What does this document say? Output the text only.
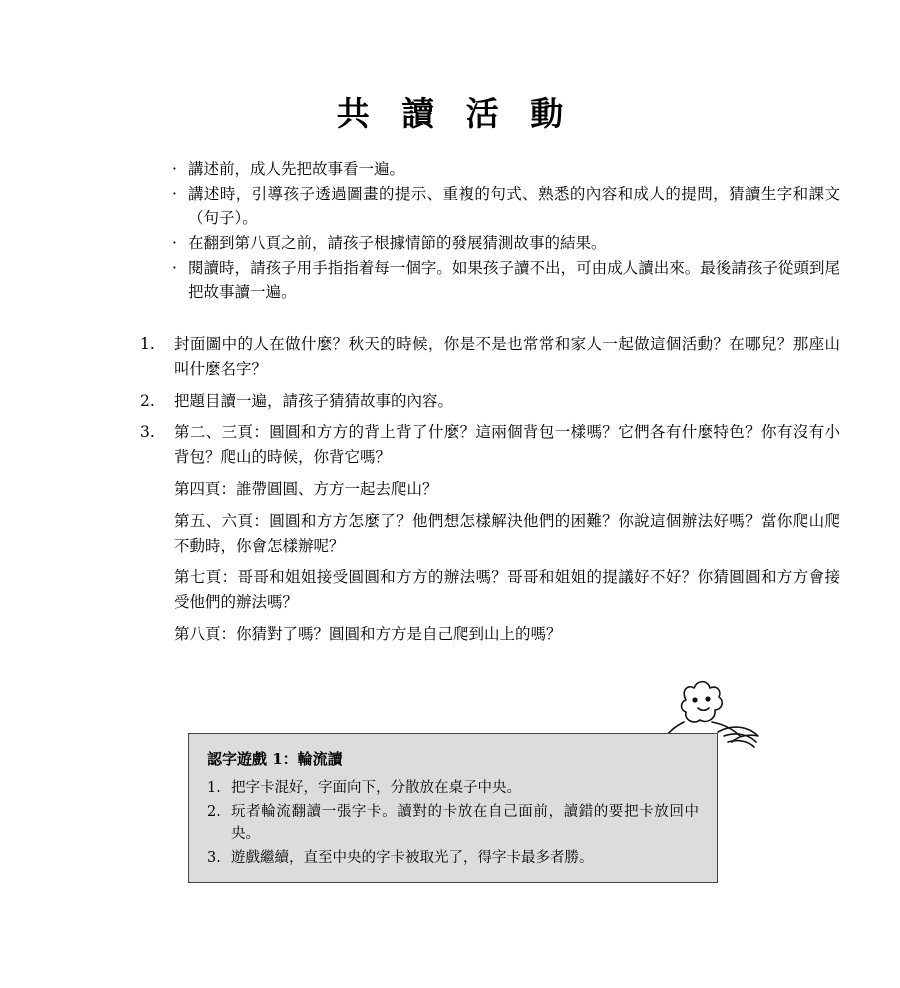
共 讀 活 動
· 講述前，成人先把故事看一遍。
· 講述時，引導孩子透過圖畫的提示、重複的句式、熟悉的內容和成人的提問，猜讀生字和課文（句子）。
· 在翻到第八頁之前，請孩子根據情節的發展猜測故事的結果。
· 閱讀時，請孩子用手指指着每一個字。如果孩子讀不出，可由成人讀出來。最後請孩子從頭到尾把故事讀一遍。
1.	封面圖中的人在做什麼？秋天的時候，你是不是也常常和家人一起做這個活動？在哪兒？那座山叫什麼名字？
2.	把題目讀一遍，請孩子猜猜故事的內容。
3.	第二、三頁：圓圓和方方的背上背了什麼？這兩個背包一樣嗎？它們各有什麼特色？你有沒有小背包？爬山的時候，你背它嗎？
第四頁：誰帶圓圓、方方一起去爬山？
第五、六頁：圓圓和方方怎麼了？他們想怎樣解決他們的困難？你說這個辦法好嗎？當你爬山爬不動時，你會怎樣辦呢？
第七頁：哥哥和姐姐接受圓圓和方方的辦法嗎？哥哥和姐姐的提議好不好？你猜圓圓和方方會接受他們的辦法嗎？
第八頁：你猜對了嗎？圓圓和方方是自己爬到山上的嗎？
認字遊戲 1：輪流讀
1. 把字卡混好，字面向下，分散放在桌子中央。
2. 玩者輪流翻讀一張字卡。讀對的卡放在自己面前，讀錯的要把卡放回中央。
3. 遊戲繼續，直至中央的字卡被取光了，得字卡最多者勝。
